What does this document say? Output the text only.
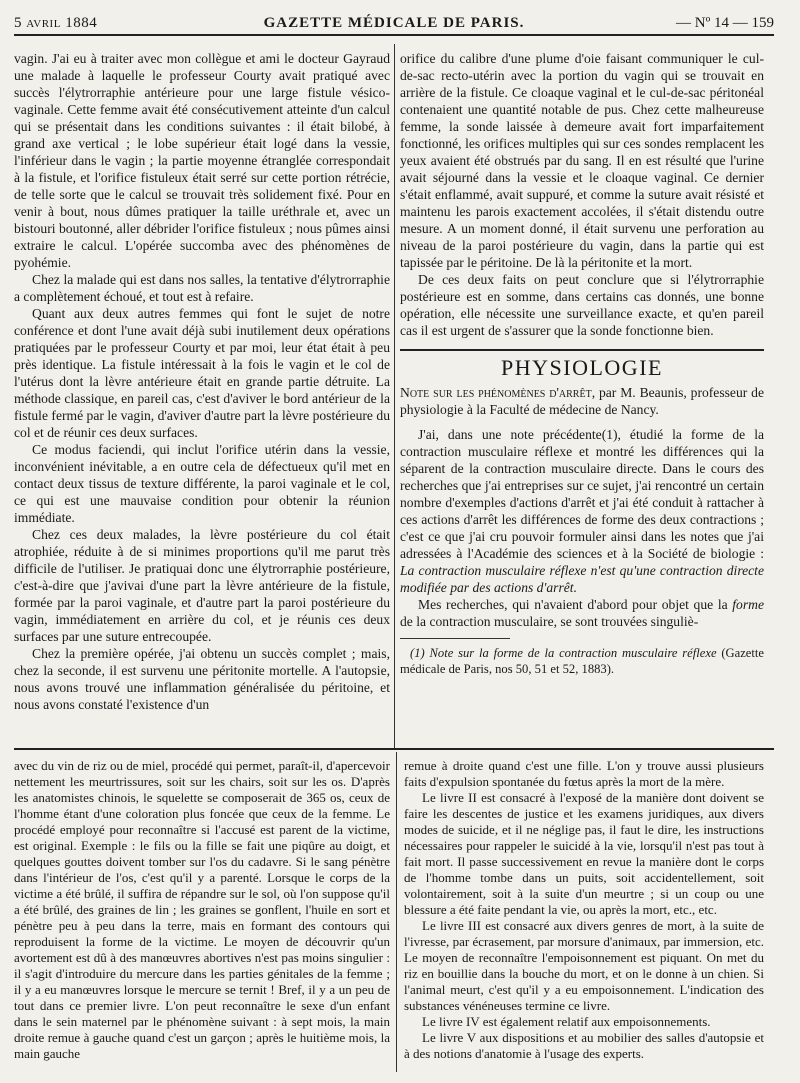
5 avril 1884	GAZETTE MÉDICALE DE PARIS.	— Nº 14 — 159

vagin. J'ai eu à traiter avec mon collègue et ami le docteur Gayraud une malade à laquelle le professeur Courty avait pratiqué avec succès l'élytrorraphie antérieure pour une large fistule vésico-vaginale. Cette femme avait été consécutivement atteinte d'un calcul qui se présentait dans les conditions suivantes : il était bilobé, à grand axe vertical ; le lobe supérieur était logé dans la vessie, l'inférieur dans le vagin ; la partie moyenne étranglée correspondait à la fistule, et l'orifice fistuleux était serré sur cette portion rétrécie, de telle sorte que le calcul se trouvait très solidement fixé. Pour en venir à bout, nous dûmes pratiquer la taille uréthrale et, avec un bistouri boutonné, aller débrider l'orifice fistuleux ; nous pûmes ainsi extraire le calcul. L'opérée succomba avec des phénomènes de pyohémie.

Chez la malade qui est dans nos salles, la tentative d'élytrorraphie a complètement échoué, et tout est à refaire.

Quant aux deux autres femmes qui font le sujet de notre conférence et dont l'une avait déjà subi inutilement deux opérations pratiquées par le professeur Courty et par moi, leur état était à peu près identique. La fistule intéressait à la fois le vagin et le col de l'utérus dont la lèvre antérieure était en grande partie détruite. La méthode classique, en pareil cas, c'est d'aviver le bord antérieur de la fistule fermé par le vagin, d'aviver d'autre part la lèvre postérieure du col et de réunir ces deux surfaces.

Ce modus faciendi, qui inclut l'orifice utérin dans la vessie, inconvénient inévitable, a en outre cela de défectueux qu'il met en contact deux tissus de texture différente, la paroi vaginale et le col, ce qui est une mauvaise condition pour obtenir la réunion immédiate.

Chez ces deux malades, la lèvre postérieure du col était atrophiée, réduite à de si minimes proportions qu'il me parut très difficile de l'utiliser. Je pratiquai donc une élytrorraphie postérieure, c'est-à-dire que j'avivai d'une part la lèvre antérieure de la fistule, formée par la paroi vaginale, et d'autre part la paroi postérieure du vagin, immédiatement en arrière du col, et je réunis ces deux surfaces par une suture entrecoupée.

Chez la première opérée, j'ai obtenu un succès complet ; mais, chez la seconde, il est survenu une péritonite mortelle. A l'autopsie, nous avons trouvé une inflammation généralisée du péritoine, et nous avons constaté l'existence d'un

orifice du calibre d'une plume d'oie faisant communiquer le cul-de-sac recto-utérin avec la portion du vagin qui se trouvait en arrière de la fistule. Ce cloaque vaginal et le cul-de-sac péritonéal contenaient une quantité notable de pus. Chez cette malheureuse femme, la sonde laissée à demeure avait fort imparfaitement fonctionné, les orifices multiples qui sur ces sondes remplacent les yeux avaient été obstrués par du sang. Il en est résulté que l'urine avait séjourné dans la vessie et le cloaque vaginal. Ce dernier s'était enflammé, avait suppuré, et comme la suture avait résisté et maintenu les parois exactement accolées, il s'était distendu outre mesure. A un moment donné, il était survenu une perforation au niveau de la paroi postérieure du vagin, dans la partie qui est tapissée par le péritoine. De là la péritonite et la mort.

De ces deux faits on peut conclure que si l'élytrorraphie postérieure est en somme, dans certains cas donnés, une bonne opération, elle nécessite une surveillance exacte, et qu'en pareil cas il est urgent de s'assurer que la sonde fonctionne bien.

PHYSIOLOGIE

Note sur les phénomènes d'arrêt, par M. Beaunis, professeur de physiologie à la Faculté de médecine de Nancy.

J'ai, dans une note précédente(1), étudié la forme de la contraction musculaire réflexe et montré les différences qui la séparent de la contraction musculaire directe. Dans le cours des recherches que j'ai entreprises sur ce sujet, j'ai rencontré un certain nombre d'exemples d'actions d'arrêt et j'ai été conduit à rattacher à ces actions d'arrêt les différences de forme des deux contractions ; c'est ce que j'ai cru pouvoir formuler ainsi dans les notes que j'ai adressées à l'Académie des sciences et à la Société de biologie : La contraction musculaire réflexe n'est qu'une contraction directe modifiée par des actions d'arrêt.

Mes recherches, qui n'avaient d'abord pour objet que la forme de la contraction musculaire, se sont trouvées singuliè-

(1) Note sur la forme de la contraction musculaire réflexe (Gazette médicale de Paris, nos 50, 51 et 52, 1883).

avec du vin de riz ou de miel, procédé qui permet, paraît-il, d'apercevoir nettement les meurtrissures, soit sur les chairs, soit sur les os. D'après les anatomistes chinois, le squelette se composerait de 365 os, ceux de l'homme étant d'une coloration plus foncée que ceux de la femme. Le procédé employé pour reconnaître si l'accusé est parent de la victime, est original. Exemple : le fils ou la fille se fait une piqûre au doigt, et quelques gouttes doivent tomber sur l'os du cadavre. Si le sang pénètre dans l'intérieur de l'os, c'est qu'il y a parenté. Lorsque le corps de la victime a été brûlé, il suffira de répandre sur le sol, où l'on suppose qu'il a été brûlé, des graines de lin ; les graines se gonflent, l'huile en sort et pénètre peu à peu dans la terre, mais en formant des contours qui reproduisent la forme de la victime. Le moyen de découvrir qu'un avortement est dû à des manœuvres abortives n'est pas moins singulier : il s'agit d'introduire du mercure dans les parties génitales de la femme ; il y a eu manœuvres lorsque le mercure se ternit ! Bref, il y a un peu de tout dans ce premier livre. L'on peut reconnaître le sexe d'un enfant dans le sein maternel par le phénomène suivant : à sept mois, la main droite remue à gauche quand c'est un garçon ; après le huitième mois, la main gauche

remue à droite quand c'est une fille. L'on y trouve aussi plusieurs faits d'expulsion spontanée du fœtus après la mort de la mère.

Le livre II est consacré à l'exposé de la manière dont doivent se faire les descentes de justice et les examens juridiques, aux divers modes de suicide, et il ne néglige pas, il faut le dire, les instructions nécessaires pour rappeler le suicidé à la vie, lorsqu'il n'est pas tout à fait mort. Il passe successivement en revue la manière dont le corps de l'homme tombe dans un puits, soit accidentellement, soit volontairement, soit à la suite d'un meurtre ; si un coup ou une blessure a été faite pendant la vie, ou après la mort, etc., etc.

Le livre III est consacré aux divers genres de mort, à la suite de l'ivresse, par écrasement, par morsure d'animaux, par immersion, etc. Le moyen de reconnaître l'empoisonnement est piquant. On met du riz en bouillie dans la bouche du mort, et on le donne à un chien. Si l'animal meurt, c'est qu'il y a eu empoisonnement. L'indication des substances vénéneuses termine ce livre.

Le livre IV est également relatif aux empoisonnements.

Le livre V aux dispositions et au mobilier des salles d'autopsie et à des notions d'anatomie à l'usage des experts.
